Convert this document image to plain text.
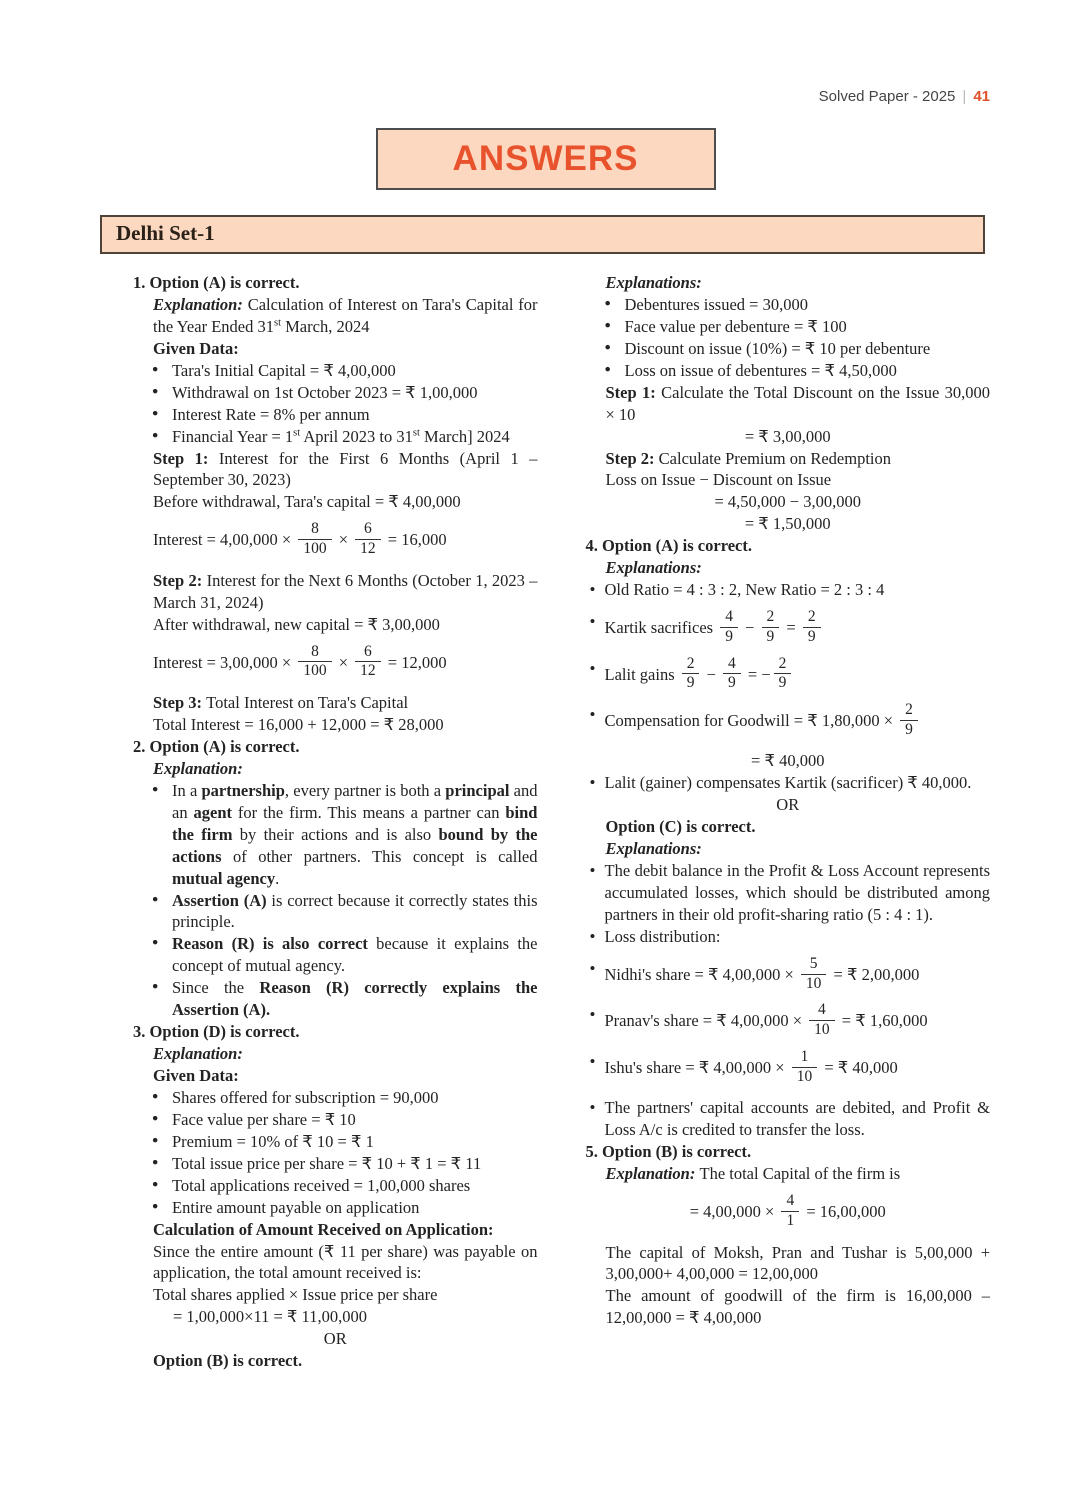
Solved Paper - 2025 | 41
ANSWERS
Delhi Set-1
1. Option (A) is correct.
Explanation: Calculation of Interest on Tara's Capital for the Year Ended 31st March, 2024
Given Data:
● Tara's Initial Capital = ₹ 4,00,000
● Withdrawal on 1st October 2023 = ₹ 1,00,000
● Interest Rate = 8% per annum
● Financial Year = 1st April 2023 to 31st March] 2024
Step 1: Interest for the First 6 Months (April 1 – September 30, 2023)
Before withdrawal, Tara's capital = ₹ 4,00,000
Interest = $4,00,000 \times \frac{8}{100} \times \frac{6}{12} = 16,000$
Step 2: Interest for the Next 6 Months (October 1, 2023 – March 31, 2024)
After withdrawal, new capital = ₹ 3,00,000
Interest = $3,00,000 \times \frac{8}{100} \times \frac{6}{12} = 12,000$
Step 3: Total Interest on Tara's Capital
Total Interest = 16,000 + 12,000 = ₹ 28,000
2. Option (A) is correct.
Explanation:
● In a partnership, every partner is both a principal and an agent for the firm. This means a partner can bind the firm by their actions and is also bound by the actions of other partners. This concept is called mutual agency.
● Assertion (A) is correct because it correctly states this principle.
● Reason (R) is also correct because it explains the concept of mutual agency.
● Since the Reason (R) correctly explains the Assertion (A).
3. Option (D) is correct.
Explanation:
Given Data:
● Shares offered for subscription = 90,000
● Face value per share = ₹ 10
● Premium = 10% of ₹ 10 = ₹ 1
● Total issue price per share = ₹ 10 + ₹ 1 = ₹ 11
● Total applications received = 1,00,000 shares
● Entire amount payable on application
Calculation of Amount Received on Application:
Since the entire amount (₹ 11 per share) was payable on application, the total amount received is:
Total shares applied × Issue price per share
= 1,00,000×11 = ₹ 11,00,000
OR
Option (B) is correct.
Explanations:
● Debentures issued = 30,000
● Face value per debenture = ₹ 100
● Discount on issue (10%) = ₹ 10 per debenture
● Loss on issue of debentures = ₹ 4,50,000
Step 1: Calculate the Total Discount on the Issue 30,000 × 10
= ₹ 3,00,000
Step 2: Calculate Premium on Redemption
Loss on Issue − Discount on Issue
= 4,50,000 − 3,00,000
= ₹ 1,50,000
4. Option (A) is correct.
Explanations:
• Old Ratio = 4 : 3 : 2, New Ratio = 2 : 3 : 4
• Kartik sacrifices $\frac{4}{9} - \frac{2}{9} = \frac{2}{9}$
• Lalit gains $\frac{2}{9} - \frac{4}{9}$ = − $\frac{2}{9}$
• Compensation for Goodwill = ₹ $1,80,000 \times \frac{2}{9}$
= ₹ 40,000
• Lalit (gainer) compensates Kartik (sacrificer) ₹ 40,000.
OR
Option (C) is correct.
Explanations:
• The debit balance in the Profit & Loss Account represents accumulated losses, which should be distributed among partners in their old profit-sharing ratio (5 : 4 : 1).
• Loss distribution:
• Nidhi's share = ₹ $4,00,000 \times \frac{5}{10}$ = ₹ 2,00,000
• Pranav's share = ₹ $4,00,000 \times \frac{4}{10}$ = ₹ 1,60,000
• Ishu's share = ₹ $4,00,000 \times \frac{1}{10}$ = ₹ 40,000
• The partners' capital accounts are debited, and Profit & Loss A/c is credited to transfer the loss.
5. Option (B) is correct.
Explanation: The total Capital of the firm is
= $4,00,000 \times \frac{4}{1} = 16,00,000$
The capital of Moksh, Pran and Tushar is 5,00,000 + 3,00,000+ 4,00,000 = 12,00,000
The amount of goodwill of the firm is 16,00,000 – 12,00,000 = ₹ 4,00,000
